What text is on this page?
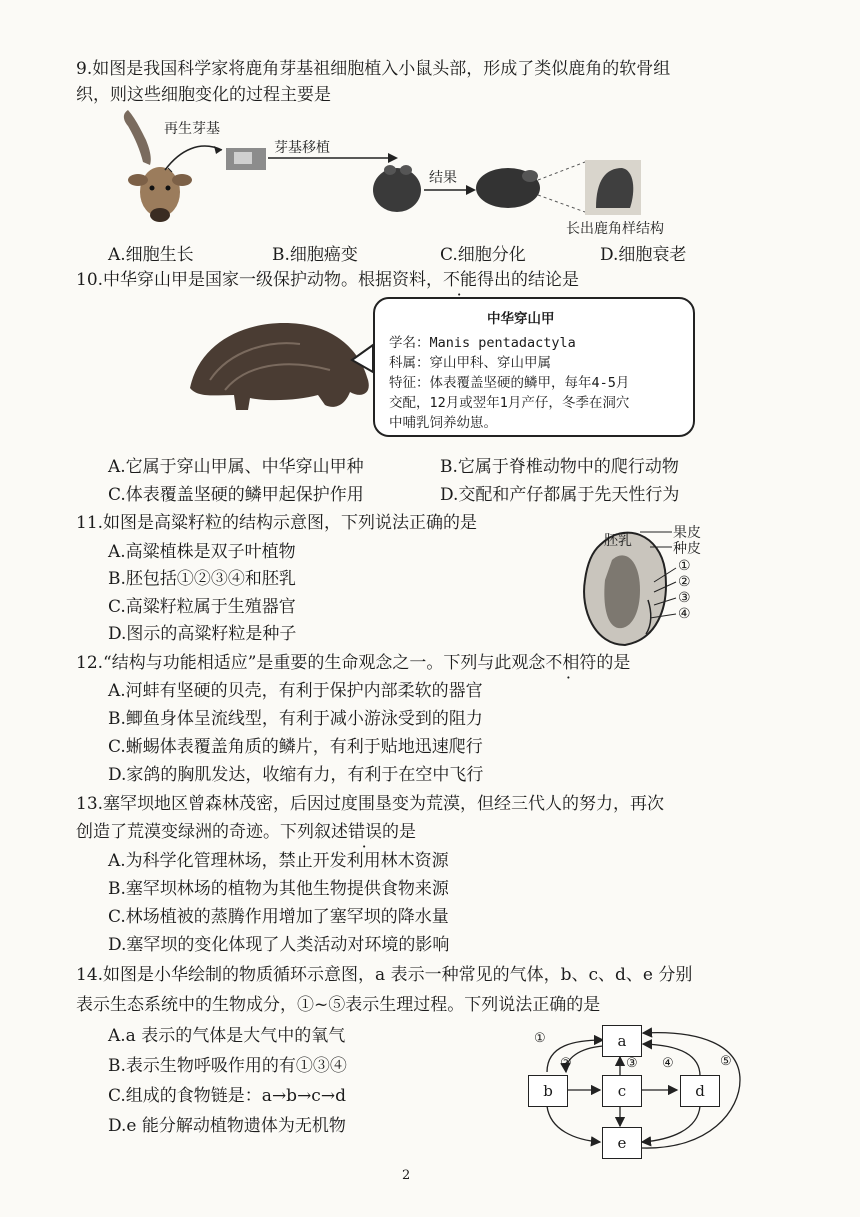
9.如图是我国科学家将鹿角芽基祖细胞植入小鼠头部，形成了类似鹿角的软骨组
织，则这些细胞变化的过程主要是
再生芽基
芽基移植
结果
长出鹿角样结构
A.细胞生长	B.细胞癌变	C.细胞分化	D.细胞衰老
10.中华穿山甲是国家一级保护动物。根据资料，不能得出的结论是
中华穿山甲
学名：Manis pentadactyla
科属：穿山甲科、穿山甲属
特征：体表覆盖坚硬的鳞甲，每年4-5月
交配，12月或翌年1月产仔，冬季在洞穴
中哺乳饲养幼崽。
A.它属于穿山甲属、中华穿山甲种	B.它属于脊椎动物中的爬行动物
C.体表覆盖坚硬的鳞甲起保护作用	D.交配和产仔都属于先天性行为
11.如图是高粱籽粒的结构示意图，下列说法正确的是
A.高粱植株是双子叶植物
B.胚包括①②③④和胚乳
C.高粱籽粒属于生殖器官
D.图示的高粱籽粒是种子
果皮
种皮
胚乳
①
②
③
④
12.“结构与功能相适应”是重要的生命观念之一。下列与此观念不相符的是
A.河蚌有坚硬的贝壳，有利于保护内部柔软的器官
B.鲫鱼身体呈流线型，有利于减小游泳受到的阻力
C.蜥蜴体表覆盖角质的鳞片，有利于贴地迅速爬行
D.家鸽的胸肌发达，收缩有力，有利于在空中飞行
13.塞罕坝地区曾森林茂密，后因过度围垦变为荒漠，但经三代人的努力，再次
创造了荒漠变绿洲的奇迹。下列叙述错误的是
A.为科学化管理林场，禁止开发利用林木资源
B.塞罕坝林场的植物为其他生物提供食物来源
C.林场植被的蒸腾作用增加了塞罕坝的降水量
D.塞罕坝的变化体现了人类活动对环境的影响
14.如图是小华绘制的物质循环示意图，a 表示一种常见的气体，b、c、d、e 分别
表示生态系统中的生物成分，①~⑤表示生理过程。下列说法正确的是
A.a 表示的气体是大气中的氧气
B.表示生物呼吸作用的有①③④
C.组成的食物链是：a→b→c→d
D.e 能分解动植物遗体为无机物
a
b	c	d
e
①
②	③ ④	⑤
2
